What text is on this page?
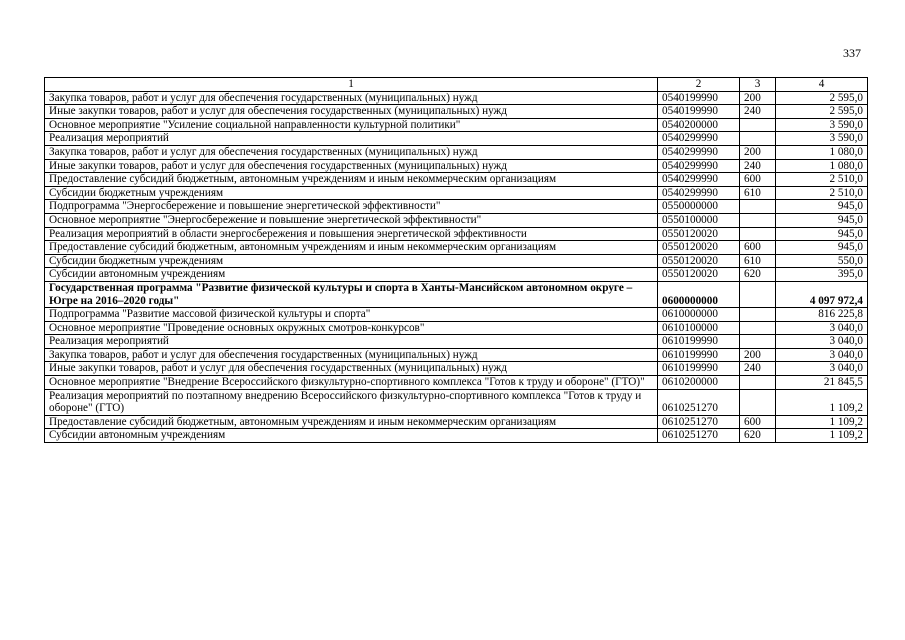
337
1	2	3	4
Закупка товаров, работ и услуг для обеспечения государственных (муниципальных) нужд	0540199990	200	2 595,0
Иные закупки товаров, работ и услуг для обеспечения государственных (муниципальных) нужд	0540199990	240	2 595,0
Основное мероприятие "Усиление социальной направленности культурной политики"	0540200000		3 590,0
Реализация мероприятий	0540299990		3 590,0
Закупка товаров, работ и услуг для обеспечения государственных (муниципальных) нужд	0540299990	200	1 080,0
Иные закупки товаров, работ и услуг для обеспечения государственных (муниципальных) нужд	0540299990	240	1 080,0
Предоставление субсидий бюджетным, автономным учреждениям и иным некоммерческим организациям	0540299990	600	2 510,0
Субсидии бюджетным учреждениям	0540299990	610	2 510,0
Подпрограмма "Энергосбережение и повышение энергетической эффективности"	0550000000		945,0
Основное мероприятие "Энергосбережение и повышение энергетической эффективности"	0550100000		945,0
Реализация мероприятий в области энергосбережения и повышения энергетической эффективности	0550120020		945,0
Предоставление субсидий бюджетным, автономным учреждениям и иным некоммерческим организациям	0550120020	600	945,0
Субсидии бюджетным учреждениям	0550120020	610	550,0
Субсидии автономным учреждениям	0550120020	620	395,0
Государственная программа "Развитие физической культуры и спорта в Ханты-Мансийском автономном округе – Югре на 2016–2020 годы"	0600000000		4 097 972,4
Подпрограмма "Развитие массовой физической культуры и спорта"	0610000000		816 225,8
Основное мероприятие "Проведение основных окружных смотров-конкурсов"	0610100000		3 040,0
Реализация мероприятий	0610199990		3 040,0
Закупка товаров, работ и услуг для обеспечения государственных (муниципальных) нужд	0610199990	200	3 040,0
Иные закупки товаров, работ и услуг для обеспечения государственных (муниципальных) нужд	0610199990	240	3 040,0
Основное мероприятие "Внедрение Всероссийского физкультурно-спортивного комплекса "Готов к труду и обороне" (ГТО)"	0610200000		21 845,5
Реализация мероприятий по поэтапному внедрению Всероссийского физкультурно-спортивного комплекса "Готов к труду и обороне" (ГТО)	0610251270		1 109,2
Предоставление субсидий бюджетным, автономным учреждениям и иным некоммерческим организациям	0610251270	600	1 109,2
Субсидии автономным учреждениям	0610251270	620	1 109,2
